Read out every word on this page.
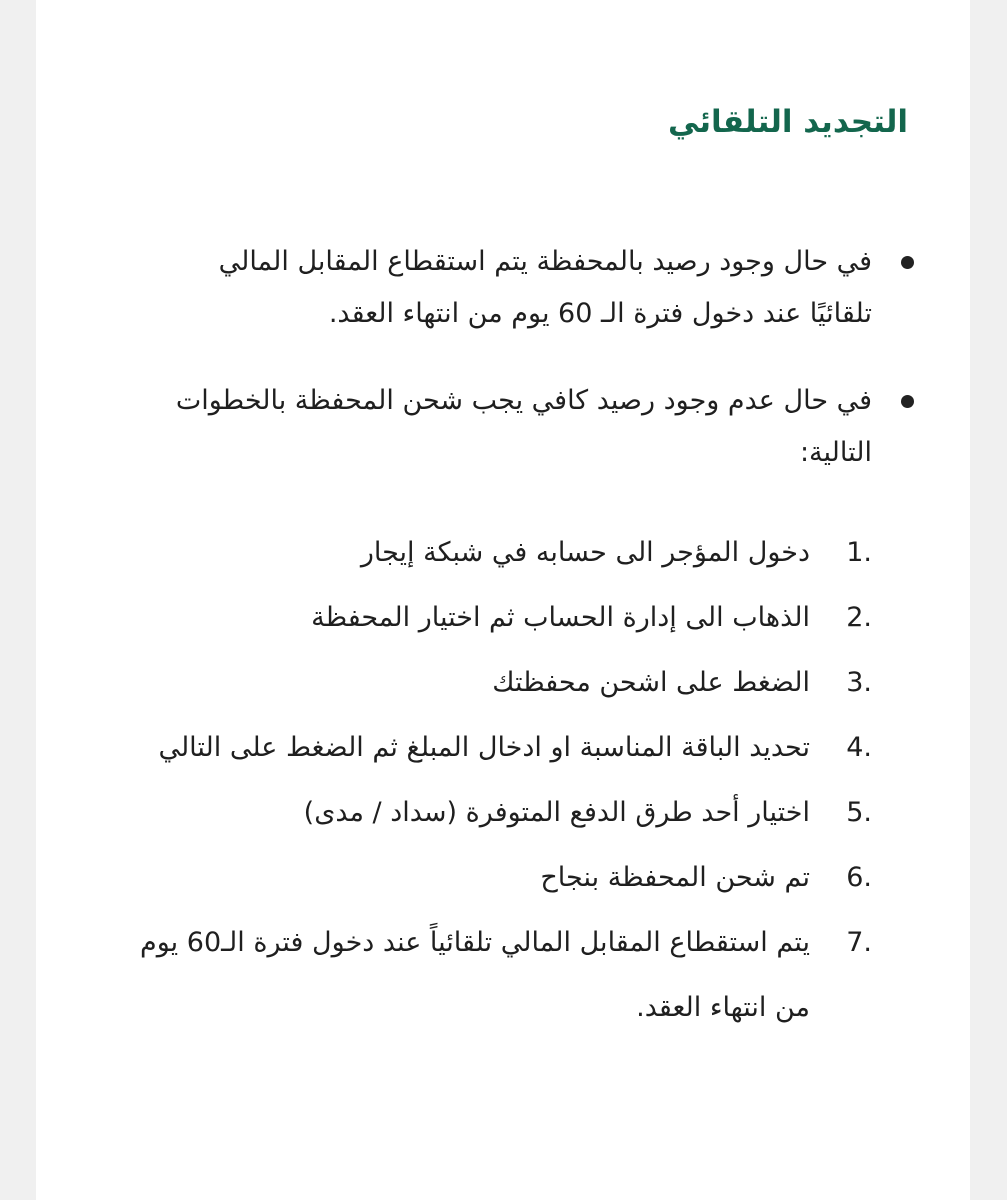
التجديد التلقائي
في حال وجود رصيد بالمحفظة يتم استقطاع المقابل المالي تلقائيًا عند دخول فترة الـ 60 يوم من انتهاء العقد.
في حال عدم وجود رصيد كافي يجب شحن المحفظة بالخطوات التالية:
1.
دخول المؤجر الى حسابه في شبكة إيجار
2.
الذهاب الى إدارة الحساب ثم اختيار المحفظة
3.
الضغط على اشحن محفظتك
4.
تحديد الباقة المناسبة او ادخال المبلغ ثم الضغط على التالي
5.
اختيار أحد طرق الدفع المتوفرة (سداد / مدى)
6.
تم شحن المحفظة بنجاح
7.
يتم استقطاع المقابل المالي تلقائياً عند دخول فترة الـ60 يوم من انتهاء العقد.
